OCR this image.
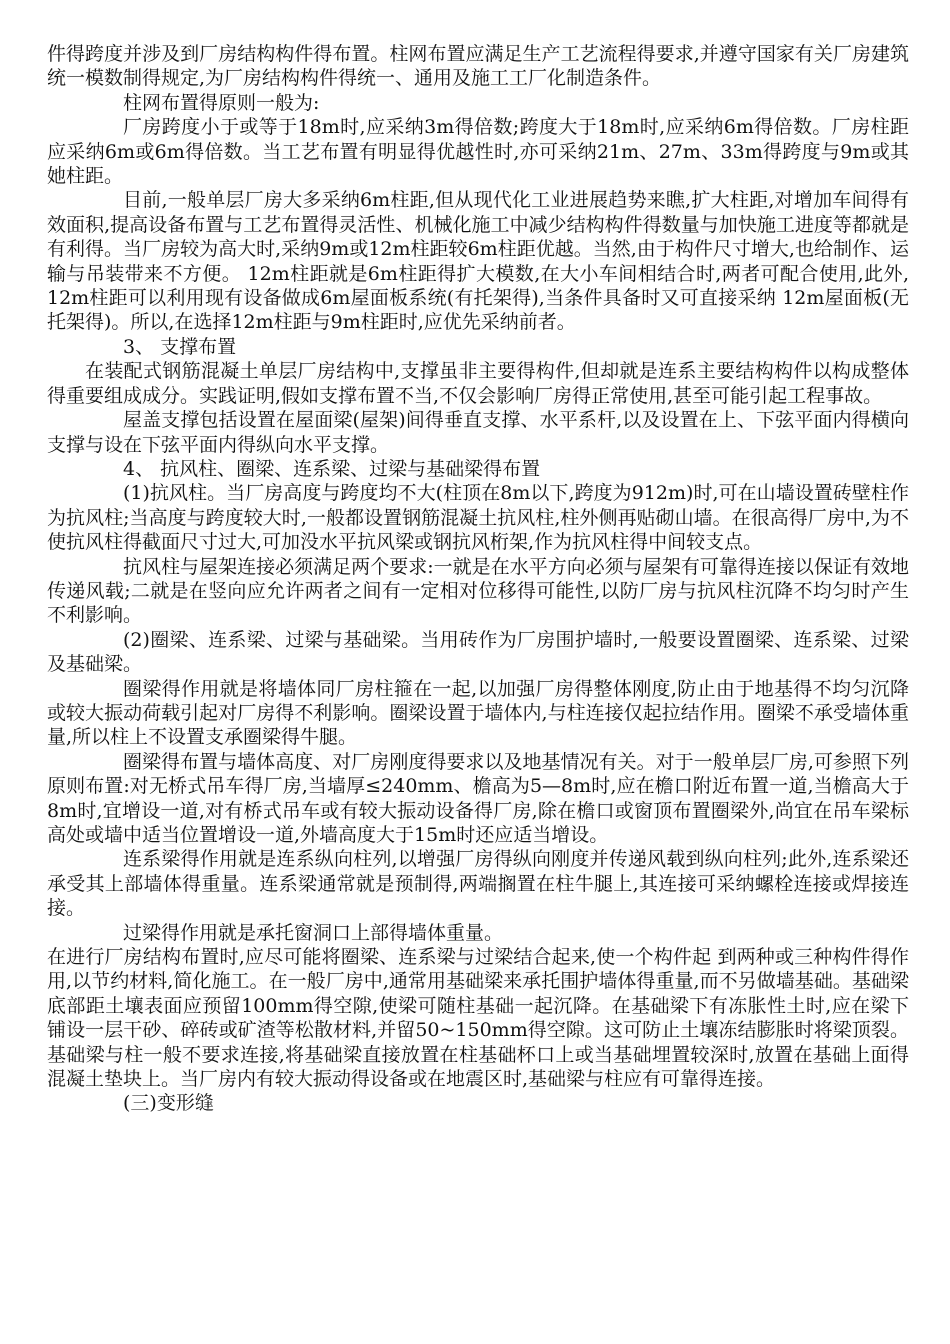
件得跨度并涉及到厂房结构构件得布置。柱网布置应满足生产工艺流程得要求,并遵守国家有关厂房建筑统一模数制得规定,为厂房结构构件得统一、通用及施工工厂化制造条件。

柱网布置得原则一般为:

厂房跨度小于或等于18m时,应采纳3m得倍数;跨度大于18m时,应采纳6m得倍数。厂房柱距应采纳6m或6m得倍数。当工艺布置有明显得优越性时,亦可采纳21m、27m、33m得跨度与9m或其她柱距。

目前,一般单层厂房大多采纳6m柱距,但从现代化工业进展趋势来瞧,扩大柱距,对增加车间得有效面积,提高设备布置与工艺布置得灵活性、机械化施工中减少结构构件得数量与加快施工进度等都就是有利得。当厂房较为高大时,采纳9m或12m柱距较6m柱距优越。当然,由于构件尺寸增大,也给制作、运输与吊装带来不方便。 12m柱距就是6m柱距得扩大模数,在大小车间相结合时,两者可配合使用,此外, 12m柱距可以利用现有设备做成6m屋面板系统(有托架得),当条件具备时又可直接采纳 12m屋面板(无托架得)。所以,在选择12m柱距与9m柱距时,应优先采纳前者。

3、 支撑布置

在装配式钢筋混凝土单层厂房结构中,支撑虽非主要得构件,但却就是连系主要结构构件以构成整体得重要组成成分。实践证明,假如支撑布置不当,不仅会影响厂房得正常使用,甚至可能引起工程事故。

屋盖支撑包括设置在屋面梁(屋架)间得垂直支撑、水平系杆,以及设置在上、下弦平面内得横向支撑与设在下弦平面内得纵向水平支撑。

4、 抗风柱、圈梁、连系梁、过梁与基础梁得布置

(1)抗风柱。当厂房高度与跨度均不大(柱顶在8m以下,跨度为912m)时,可在山墙设置砖壁柱作为抗风柱;当高度与跨度较大时,一般都设置钢筋混凝土抗风柱,柱外侧再贴砌山墙。在很高得厂房中,为不使抗风柱得截面尺寸过大,可加没水平抗风梁或钢抗风桁架,作为抗风柱得中间较支点。

抗风柱与屋架连接必须满足两个要求:一就是在水平方向必须与屋架有可靠得连接以保证有效地传递风载;二就是在竖向应允许两者之间有一定相对位移得可能性,以防厂房与抗风柱沉降不均匀时产生不利影响。

(2)圈梁、连系梁、过梁与基础梁。当用砖作为厂房围护墙时,一般要设置圈梁、连系梁、过梁及基础梁。

圈梁得作用就是将墙体同厂房柱箍在一起,以加强厂房得整体刚度,防止由于地基得不均匀沉降或较大振动荷载引起对厂房得不利影响。圈梁设置于墙体内,与柱连接仅起拉结作用。圈梁不承受墙体重量,所以柱上不设置支承圈梁得牛腿。

圈梁得布置与墙体高度、对厂房刚度得要求以及地基情况有关。对于一般单层厂房,可参照下列原则布置:对无桥式吊车得厂房,当墙厚≤240mm、檐高为5—8m时,应在檐口附近布置一道,当檐高大于8m时,宜增设一道,对有桥式吊车或有较大振动设备得厂房,除在檐口或窗顶布置圈梁外,尚宜在吊车梁标高处或墙中适当位置增设一道,外墙高度大于15m时还应适当增设。

连系梁得作用就是连系纵向柱列,以增强厂房得纵向刚度并传递风载到纵向柱列;此外,连系梁还承受其上部墙体得重量。连系梁通常就是预制得,两端搁置在柱牛腿上,其连接可采纳螺栓连接或焊接连接。

过梁得作用就是承托窗洞口上部得墙体重量。

在进行厂房结构布置时,应尽可能将圈梁、连系梁与过梁结合起来,使一个构件起 到两种或三种构件得作用,以节约材料,简化施工。在一般厂房中,通常用基础梁来承托围护墙体得重量,而不另做墙基础。基础梁底部距土壤表面应预留100mm得空隙,使梁可随柱基础一起沉降。在基础梁下有冻胀性土时,应在梁下铺设一层干砂、碎砖或矿渣等松散材料,并留50~150mm得空隙。这可防止土壤冻结膨胀时将梁顶裂。基础梁与柱一般不要求连接,将基础梁直接放置在柱基础杯口上或当基础埋置较深时,放置在基础上面得混凝土垫块上。当厂房内有较大振动得设备或在地震区时,基础梁与柱应有可靠得连接。

(三)变形缝
